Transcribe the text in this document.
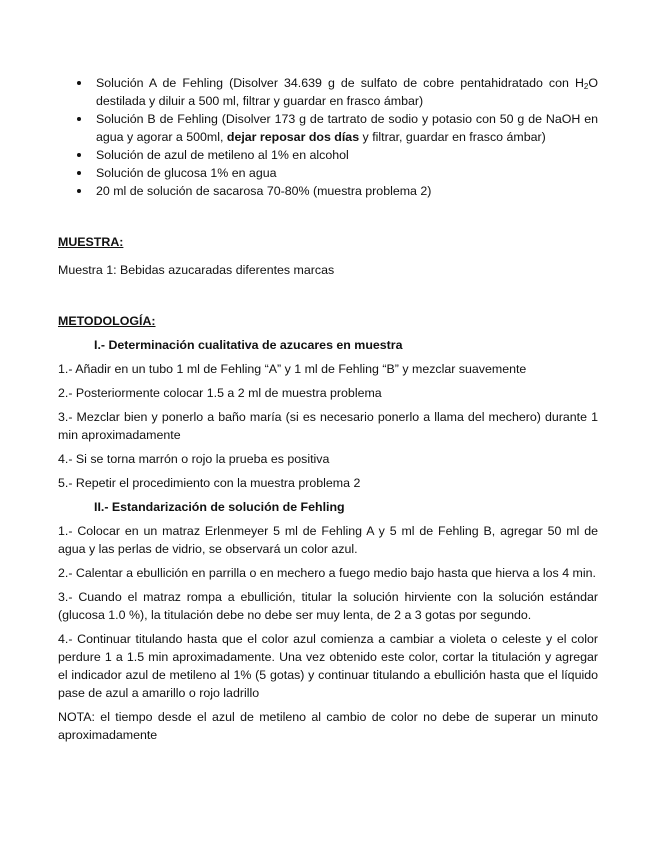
Solución A de Fehling (Disolver 34.639 g de sulfato de cobre pentahidratado con $H_2O$ destilada y diluir a 500 ml, filtrar y guardar en frasco ámbar)
Solución B de Fehling (Disolver 173 g de tartrato de sodio y potasio con 50 g de NaOH en agua y agorar a 500ml, dejar reposar dos días y filtrar, guardar en frasco ámbar)
Solución de azul de metileno al 1% en alcohol
Solución de glucosa 1% en agua
20 ml de solución de sacarosa 70-80% (muestra problema 2)

MUESTRA:

Muestra 1: Bebidas azucaradas diferentes marcas

METODOLOGÍA:

I.- Determinación cualitativa de azucares en muestra

1.- Añadir en un tubo 1 ml de Fehling “A” y 1 ml de Fehling “B” y mezclar suavemente

2.- Posteriormente colocar 1.5 a 2 ml de muestra problema

3.- Mezclar bien y ponerlo a baño maría (si es necesario ponerlo a llama del mechero) durante 1 min aproximadamente

4.- Si se torna marrón o rojo la prueba es positiva

5.- Repetir el procedimiento con la muestra problema 2

II.- Estandarización de solución de Fehling

1.- Colocar en un matraz Erlenmeyer 5 ml de Fehling A y 5 ml de Fehling B, agregar 50 ml de agua y las perlas de vidrio, se observará un color azul.

2.- Calentar a ebullición en parrilla o en mechero a fuego medio bajo hasta que hierva a los 4 min.

3.- Cuando el matraz rompa a ebullición, titular la solución hirviente con la solución estándar (glucosa 1.0 %), la titulación debe no debe ser muy lenta, de 2 a 3 gotas por segundo.

4.- Continuar titulando hasta que el color azul comienza a cambiar a violeta o celeste y el color perdure 1 a 1.5 min aproximadamente. Una vez obtenido este color, cortar la titulación y agregar el indicador azul de metileno al 1% (5 gotas) y continuar titulando a ebullición hasta que el líquido pase de azul a amarillo o rojo ladrillo

NOTA: el tiempo desde el azul de metileno al cambio de color no debe de superar un minuto aproximadamente
